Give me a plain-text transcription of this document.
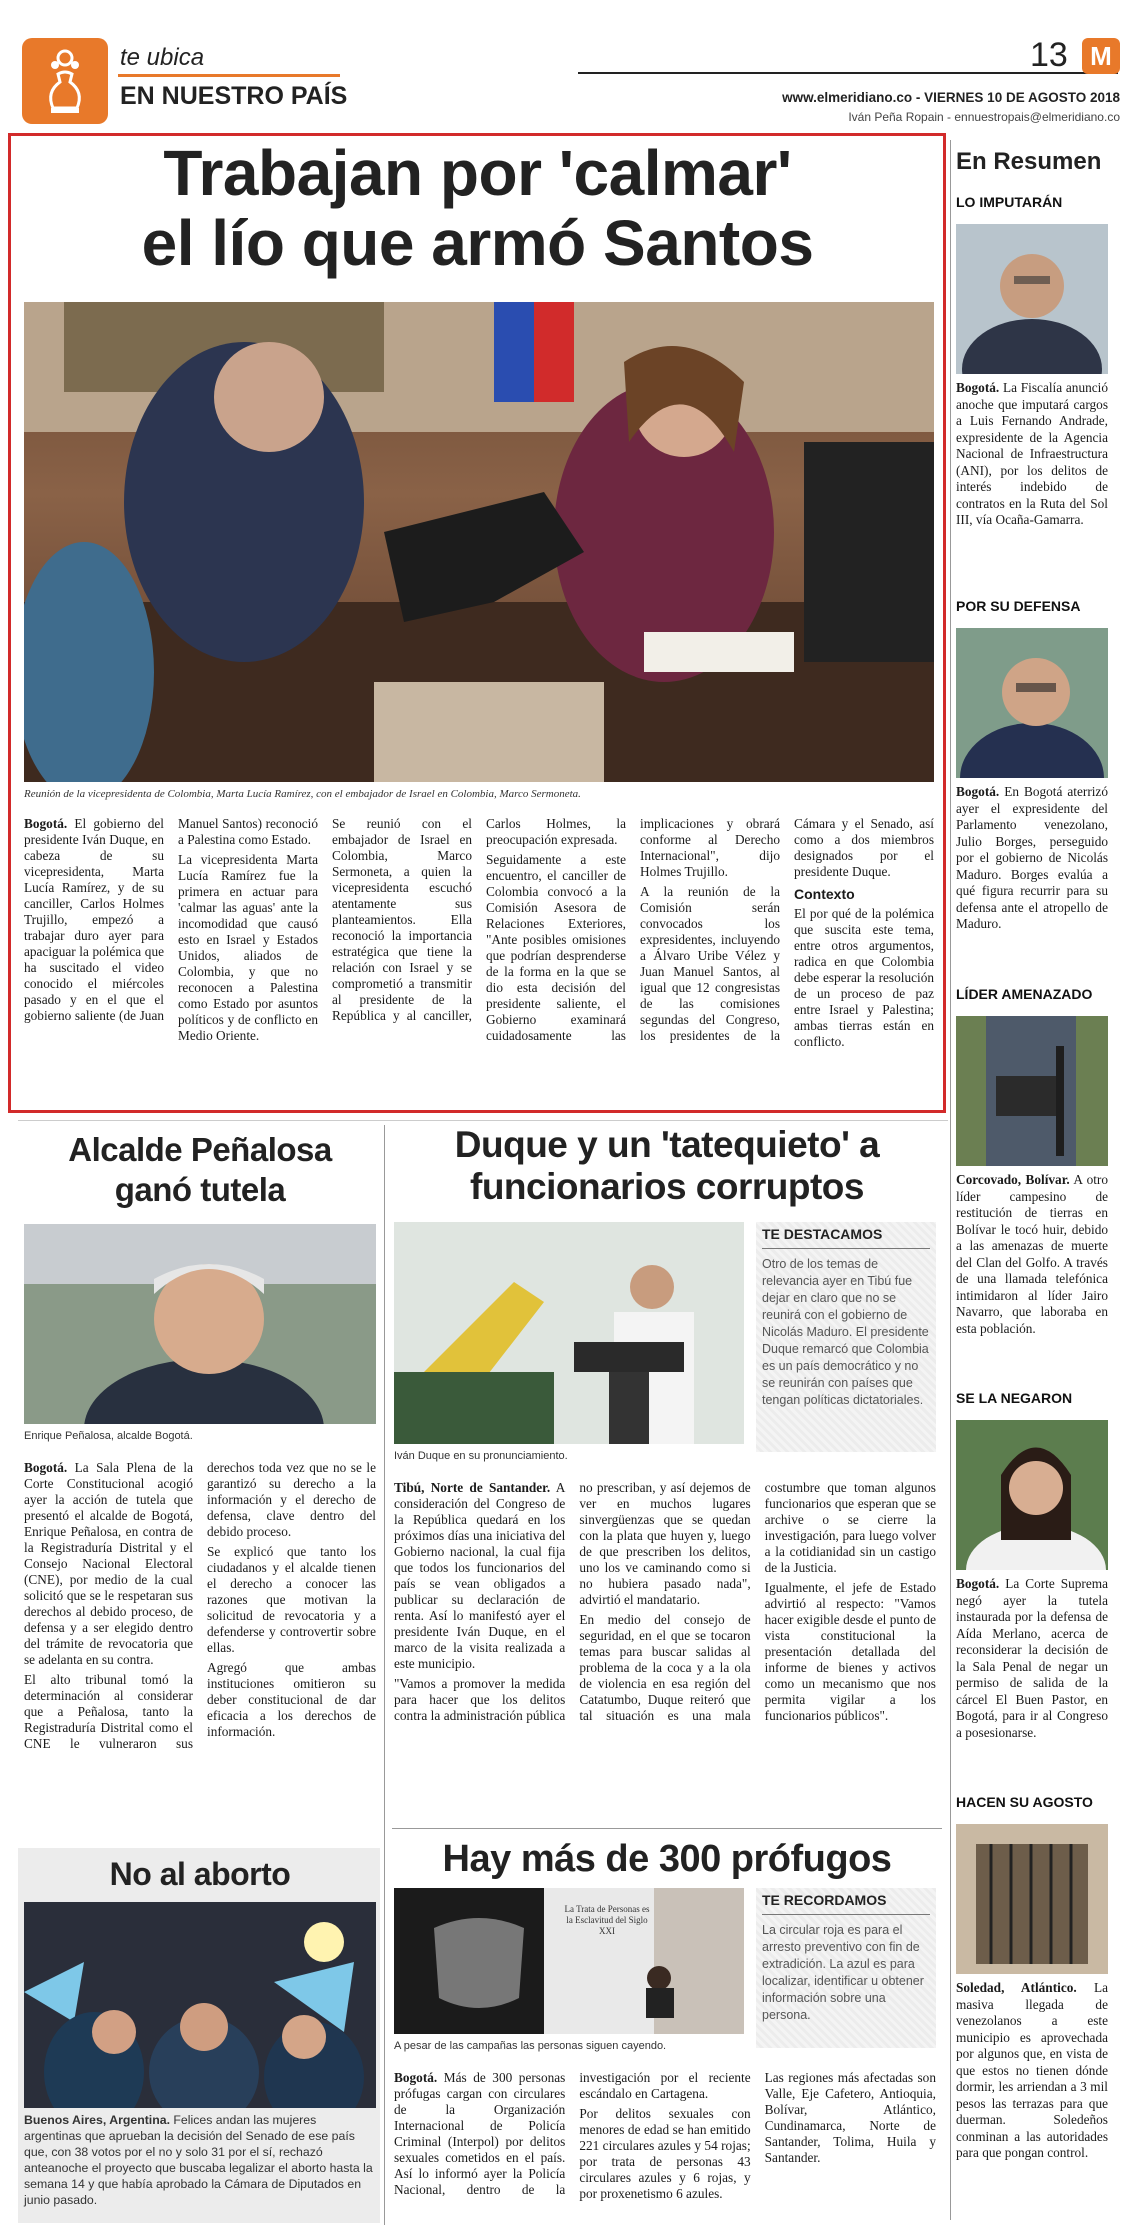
te ubica
EN NUESTRO PAÍS
13 M
www.elmeridiano.co - VIERNES 10 DE AGOSTO 2018
Iván Peña Ropain - ennuestropais@elmeridiano.co
Trabajan por 'calmar'
el lío que armó Santos
Reunión de la vicepresidenta de Colombia, Marta Lucía Ramírez, con el embajador de Israel en Colombia, Marco Sermoneta.

Bogotá. El gobierno del presidente Iván Duque, en cabeza de su vicepresidenta, Marta Lucía Ramírez, y de su canciller, Carlos Holmes Trujillo, empezó a trabajar duro ayer para apaciguar la polémica que ha suscitado el video conocido el miércoles pasado y en el que el gobierno saliente (de Juan Manuel Santos) reconoció a Palestina como Estado.

La vicepresidenta Marta Lucía Ramírez fue la primera en actuar para 'calmar las aguas' ante la incomodidad que causó esto en Israel y Estados Unidos, aliados de Colombia, y que no reconocen a Palestina como Estado por asuntos políticos y de conflicto en Medio Oriente.

Se reunió con el embajador de Israel en Colombia, Marco Sermoneta, a quien la vicepresidenta escuchó atentamente sus planteamientos. Ella reconoció la importancia estratégica que tiene la relación con Israel y se comprometió a transmitir al presidente de la República y al canciller, Carlos Holmes, la preocupación expresada.

Seguidamente a este encuentro, el canciller de Colombia convocó a la Comisión Asesora de Relaciones Exteriores, "Ante posibles omisiones que podrían desprenderse de la forma en la que se dio esta decisión del presidente saliente, el Gobierno examinará cuidadosamente las implicaciones y obrará conforme al Derecho Internacional", dijo Holmes Trujillo.

A la reunión de la Comisión serán convocados los expresidentes, incluyendo a Álvaro Uribe Vélez y Juan Manuel Santos, al igual que 12 congresistas de las comisiones segundas del Congreso, los presidentes de la Cámara y el Senado, así como a dos miembros designados por el presidente Duque.

Contexto

El por qué de la polémica que suscita este tema, entre otros argumentos, radica en que Colombia debe esperar la resolución de un proceso de paz entre Israel y Palestina; ambas tierras están en conflicto.

En Resumen
LO IMPUTARÁN
Bogotá. La Fiscalía anunció anoche que imputará cargos a Luis Fernando Andrade, expresidente de la Agencia Nacional de Infraestructura (ANI), por los delitos de interés indebido de contratos en la Ruta del Sol III, vía Ocaña-Gamarra.
POR SU DEFENSA
Bogotá. En Bogotá aterrizó ayer el expresidente del Parlamento venezolano, Julio Borges, perseguido por el gobierno de Nicolás Maduro. Borges evalúa a qué figura recurrir para su defensa ante el atropello de Maduro.
LÍDER AMENAZADO
Corcovado, Bolívar. A otro líder campesino de restitución de tierras en Bolívar le tocó huir, debido a las amenazas de muerte del Clan del Golfo. A través de una llamada telefónica intimidaron al líder Jairo Navarro, que laboraba en esta población.
SE LA NEGARON
Bogotá. La Corte Suprema negó ayer la tutela instaurada por la defensa de Aída Merlano, acerca de reconsiderar la decisión de la Sala Penal de negar un permiso de salida de la cárcel El Buen Pastor, en Bogotá, para ir al Congreso a posesionarse.
HACEN SU AGOSTO
Soledad, Atlántico. La masiva llegada de venezolanos a este municipio es aprovechada por algunos que, en vista de que estos no tienen dónde dormir, les arriendan a 3 mil pesos las terrazas para que duerman. Soledeños conminan a las autoridades para que pongan control.
Alcalde Peñalosa
ganó tutela
Enrique Peñalosa, alcalde Bogotá.

Bogotá. La Sala Plena de la Corte Constitucional acogió ayer la acción de tutela que presentó el alcalde de Bogotá, Enrique Peñalosa, en contra de la Registraduría Distrital y el Consejo Nacional Electoral (CNE), por medio de la cual solicitó que se le respetaran sus derechos al debido proceso, de defensa y a ser elegido dentro del trámite de revocatoria que se adelanta en su contra.

El alto tribunal tomó la determinación al considerar que a Peñalosa, tanto la Registraduría Distrital como el CNE le vulneraron sus derechos toda vez que no se le garantizó su derecho a la información y el derecho de defensa, clave dentro del debido proceso.

Se explicó que tanto los ciudadanos y el alcalde tienen el derecho a conocer las razones que motivan la solicitud de revocatoria y a defenderse y controvertir sobre ellas.

Agregó que ambas instituciones omitieron su deber constitucional de dar eficacia a los derechos de información.

Duque y un 'tatequieto' a
funcionarios corruptos
Iván Duque en su pronunciamiento.
TE DESTACAMOS
Otro de los temas de relevancia ayer en Tibú fue dejar en claro que no se reunirá con el gobierno de Nicolás Maduro. El presidente Duque remarcó que Colombia es un país democrático y no se reunirán con países que tengan políticas dictatoriales.

Tibú, Norte de Santander. A consideración del Congreso de la República quedará en los próximos días una iniciativa del Gobierno nacional, la cual fija que todos los funcionarios del país se vean obligados a publicar su declaración de renta. Así lo manifestó ayer el presidente Iván Duque, en el marco de la visita realizada a este municipio.

"Vamos a promover la medida para hacer que los delitos contra la administración pública no prescriban, y así dejemos de ver en muchos lugares sinvergüenzas que se quedan con la plata que huyen y, luego de que prescriben los delitos, uno los ve caminando como si no hubiera pasado nada", advirtió el mandatario.

En medio del consejo de seguridad, en el que se tocaron temas para buscar salidas al problema de la coca y a la ola de violencia en esa región del Catatumbo, Duque reiteró que tal situación es una mala costumbre que toman algunos funcionarios que esperan que se archive o se cierre la investigación, para luego volver a la cotidianidad sin un castigo de la Justicia.

Igualmente, el jefe de Estado advirtió al respecto: "Vamos hacer exigible desde el punto de vista constitucional la presentación detallada del informe de bienes y activos como un mecanismo que nos permita vigilar a los funcionarios públicos".

No al aborto
Buenos Aires, Argentina. Felices andan las mujeres argentinas que aprueban la decisión del Senado de ese país que, con 38 votos por el no y solo 31 por el sí, rechazó anteanoche el proyecto que buscaba legalizar el aborto hasta la semana 14 y que había aprobado la Cámara de Diputados en junio pasado.
Hay más de 300 prófugos
La Trata de Personas es la Esclavitud del Siglo XXI
A pesar de las campañas las personas siguen cayendo.
TE RECORDAMOS
La circular roja es para el arresto preventivo con fin de extradición. La azul es para localizar, identificar u obtener información sobre una persona.

Bogotá. Más de 300 personas prófugas cargan con circulares de la Organización Internacional de Policía Criminal (Interpol) por delitos sexuales cometidos en el país. Así lo informó ayer la Policía Nacional, dentro de la investigación por el reciente escándalo en Cartagena.

Por delitos sexuales con menores de edad se han emitido 221 circulares azules y 54 rojas; por trata de personas 43 circulares azules y 6 rojas, y por proxenetismo 6 azules.

Las regiones más afectadas son Valle, Eje Cafetero, Antioquia, Bolívar, Atlántico, Cundinamarca, Norte de Santander, Tolima, Huila y Santander.
